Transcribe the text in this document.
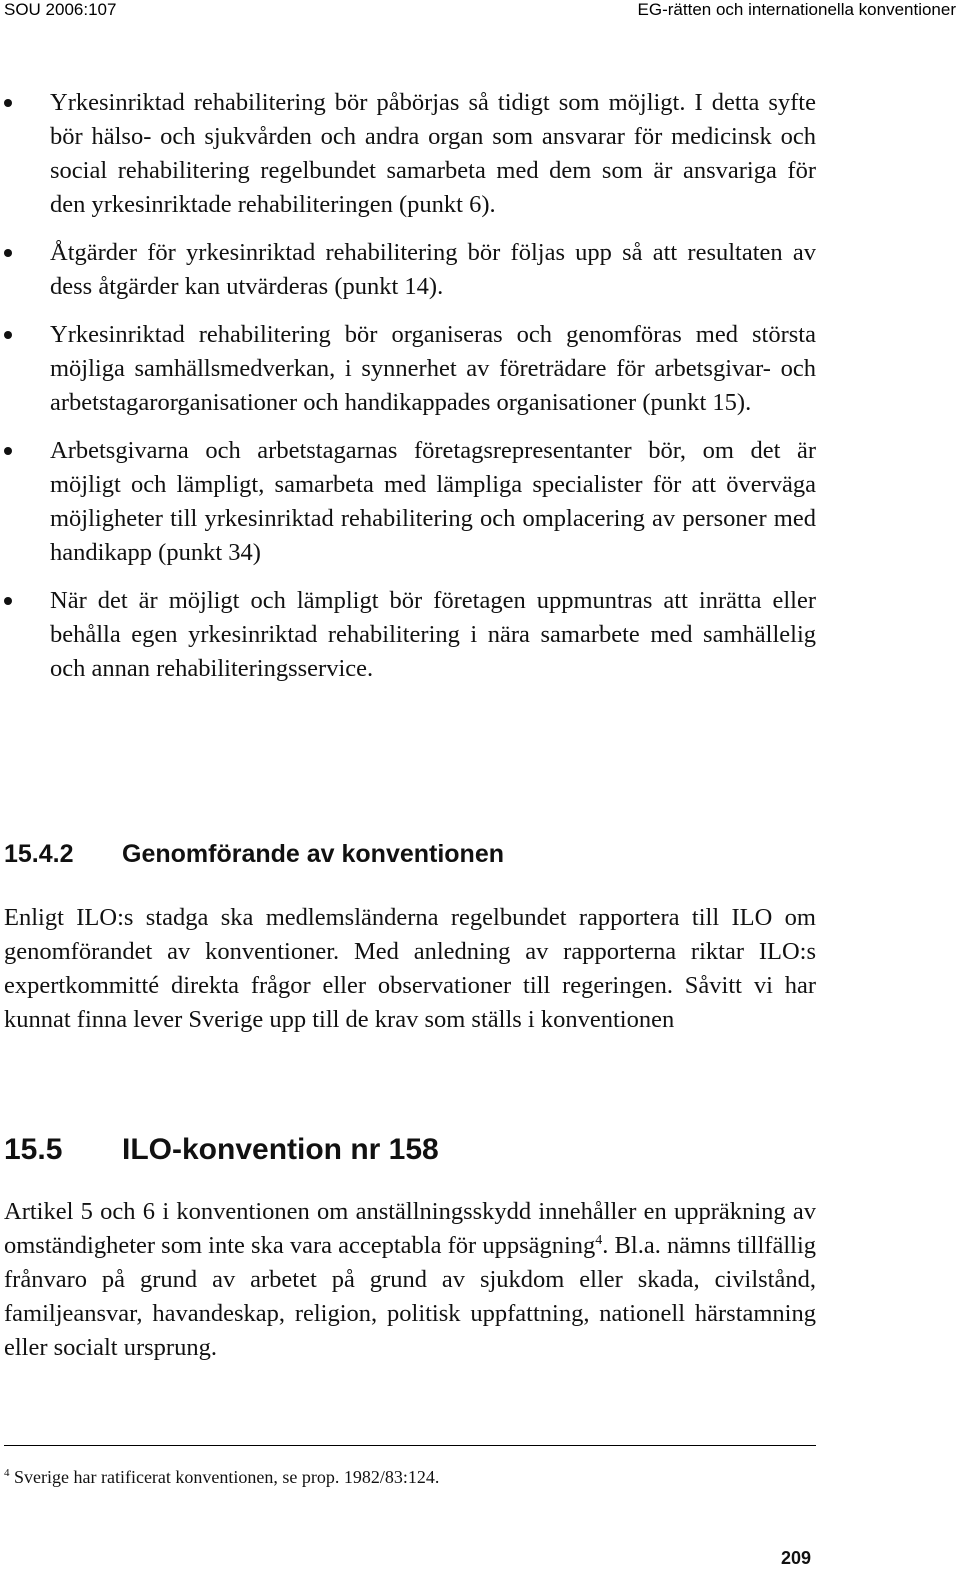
SOU 2006:107	EG-rätten och internationella konventioner
Yrkesinriktad rehabilitering bör påbörjas så tidigt som möjligt. I detta syfte bör hälso- och sjukvården och andra organ som ansvarar för medicinsk och social rehabilitering regelbundet samarbeta med dem som är ansvariga för den yrkesinriktade rehabiliteringen (punkt 6).
Åtgärder för yrkesinriktad rehabilitering bör följas upp så att resultaten av dess åtgärder kan utvärderas (punkt 14).
Yrkesinriktad rehabilitering bör organiseras och genomföras med största möjliga samhällsmedverkan, i synnerhet av företrädare för arbetsgivar- och arbetstagarorganisationer och handikappades organisationer (punkt 15).
Arbetsgivarna och arbetstagarnas företagsrepresentanter bör, om det är möjligt och lämpligt, samarbeta med lämpliga specialister för att överväga möjligheter till yrkesinriktad rehabilitering och omplacering av personer med handikapp (punkt 34)
När det är möjligt och lämpligt bör företagen uppmuntras att inrätta eller behålla egen yrkesinriktad rehabilitering i nära samarbete med samhällelig och annan rehabiliteringsservice.
15.4.2 Genomförande av konventionen

Enligt ILO:s stadga ska medlemsländerna regelbundet rapportera till ILO om genomförandet av konventioner. Med anledning av rapporterna riktar ILO:s expertkommitté direkta frågor eller observationer till regeringen. Såvitt vi har kunnat finna lever Sverige upp till de krav som ställs i konventionen

15.5 ILO-konvention nr 158

Artikel 5 och 6 i konventionen om anställningsskydd innehåller en uppräkning av omständigheter som inte ska vara acceptabla för uppsägning$^4$. Bl.a. nämns tillfällig frånvaro på grund av arbetet på grund av sjukdom eller skada, civilstånd, familjeansvar, havandeskap, religion, politisk uppfattning, nationell härstamning eller socialt ursprung.

$^4$ Sverige har ratificerat konventionen, se prop. 1982/83:124.
209
